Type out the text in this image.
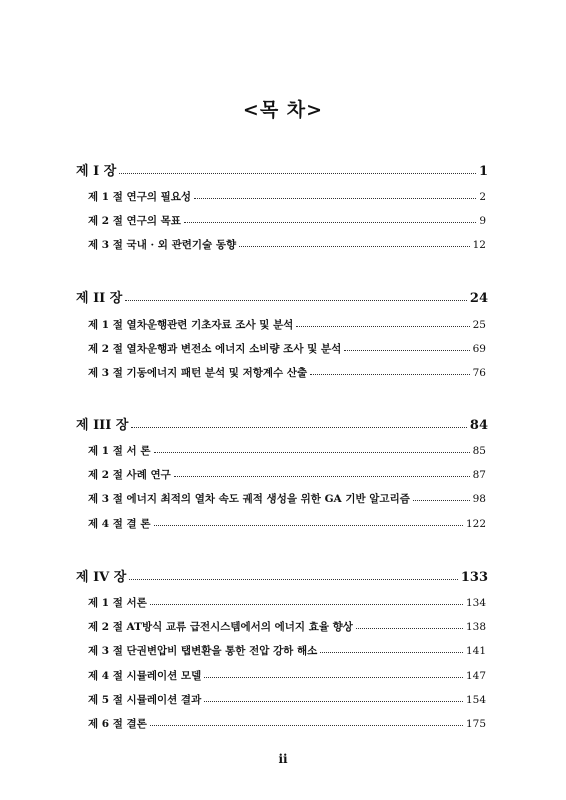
<목 차>
제 I 장	1
제 1 절 연구의 필요성	2
제 2 절 연구의 목표	9
제 3 절 국내 · 외 관련기술 동향	12
제 II 장	24
제 1 절 열차운행관련 기초자료 조사 및 분석	25
제 2 절 열차운행과 변전소 에너지 소비량 조사 및 분석	69
제 3 절 기동에너지 패턴 분석 및 저항계수 산출	76
제 III 장	84
제 1 절 서 론	85
제 2 절 사례 연구	87
제 3 절 에너지 최적의 열차 속도 궤적 생성을 위한 GA 기반 알고리즘	98
제 4 절 결 론	122
제 IV 장	133
제 1 절 서론	134
제 2 절 AT방식 교류 급전시스템에서의 에너지 효율 향상	138
제 3 절 단권변압비 탭변환을 통한 전압 강하 해소	141
제 4 절 시뮬레이션 모델	147
제 5 절 시뮬레이션 결과	154
제 6 절 결론	175
ii
